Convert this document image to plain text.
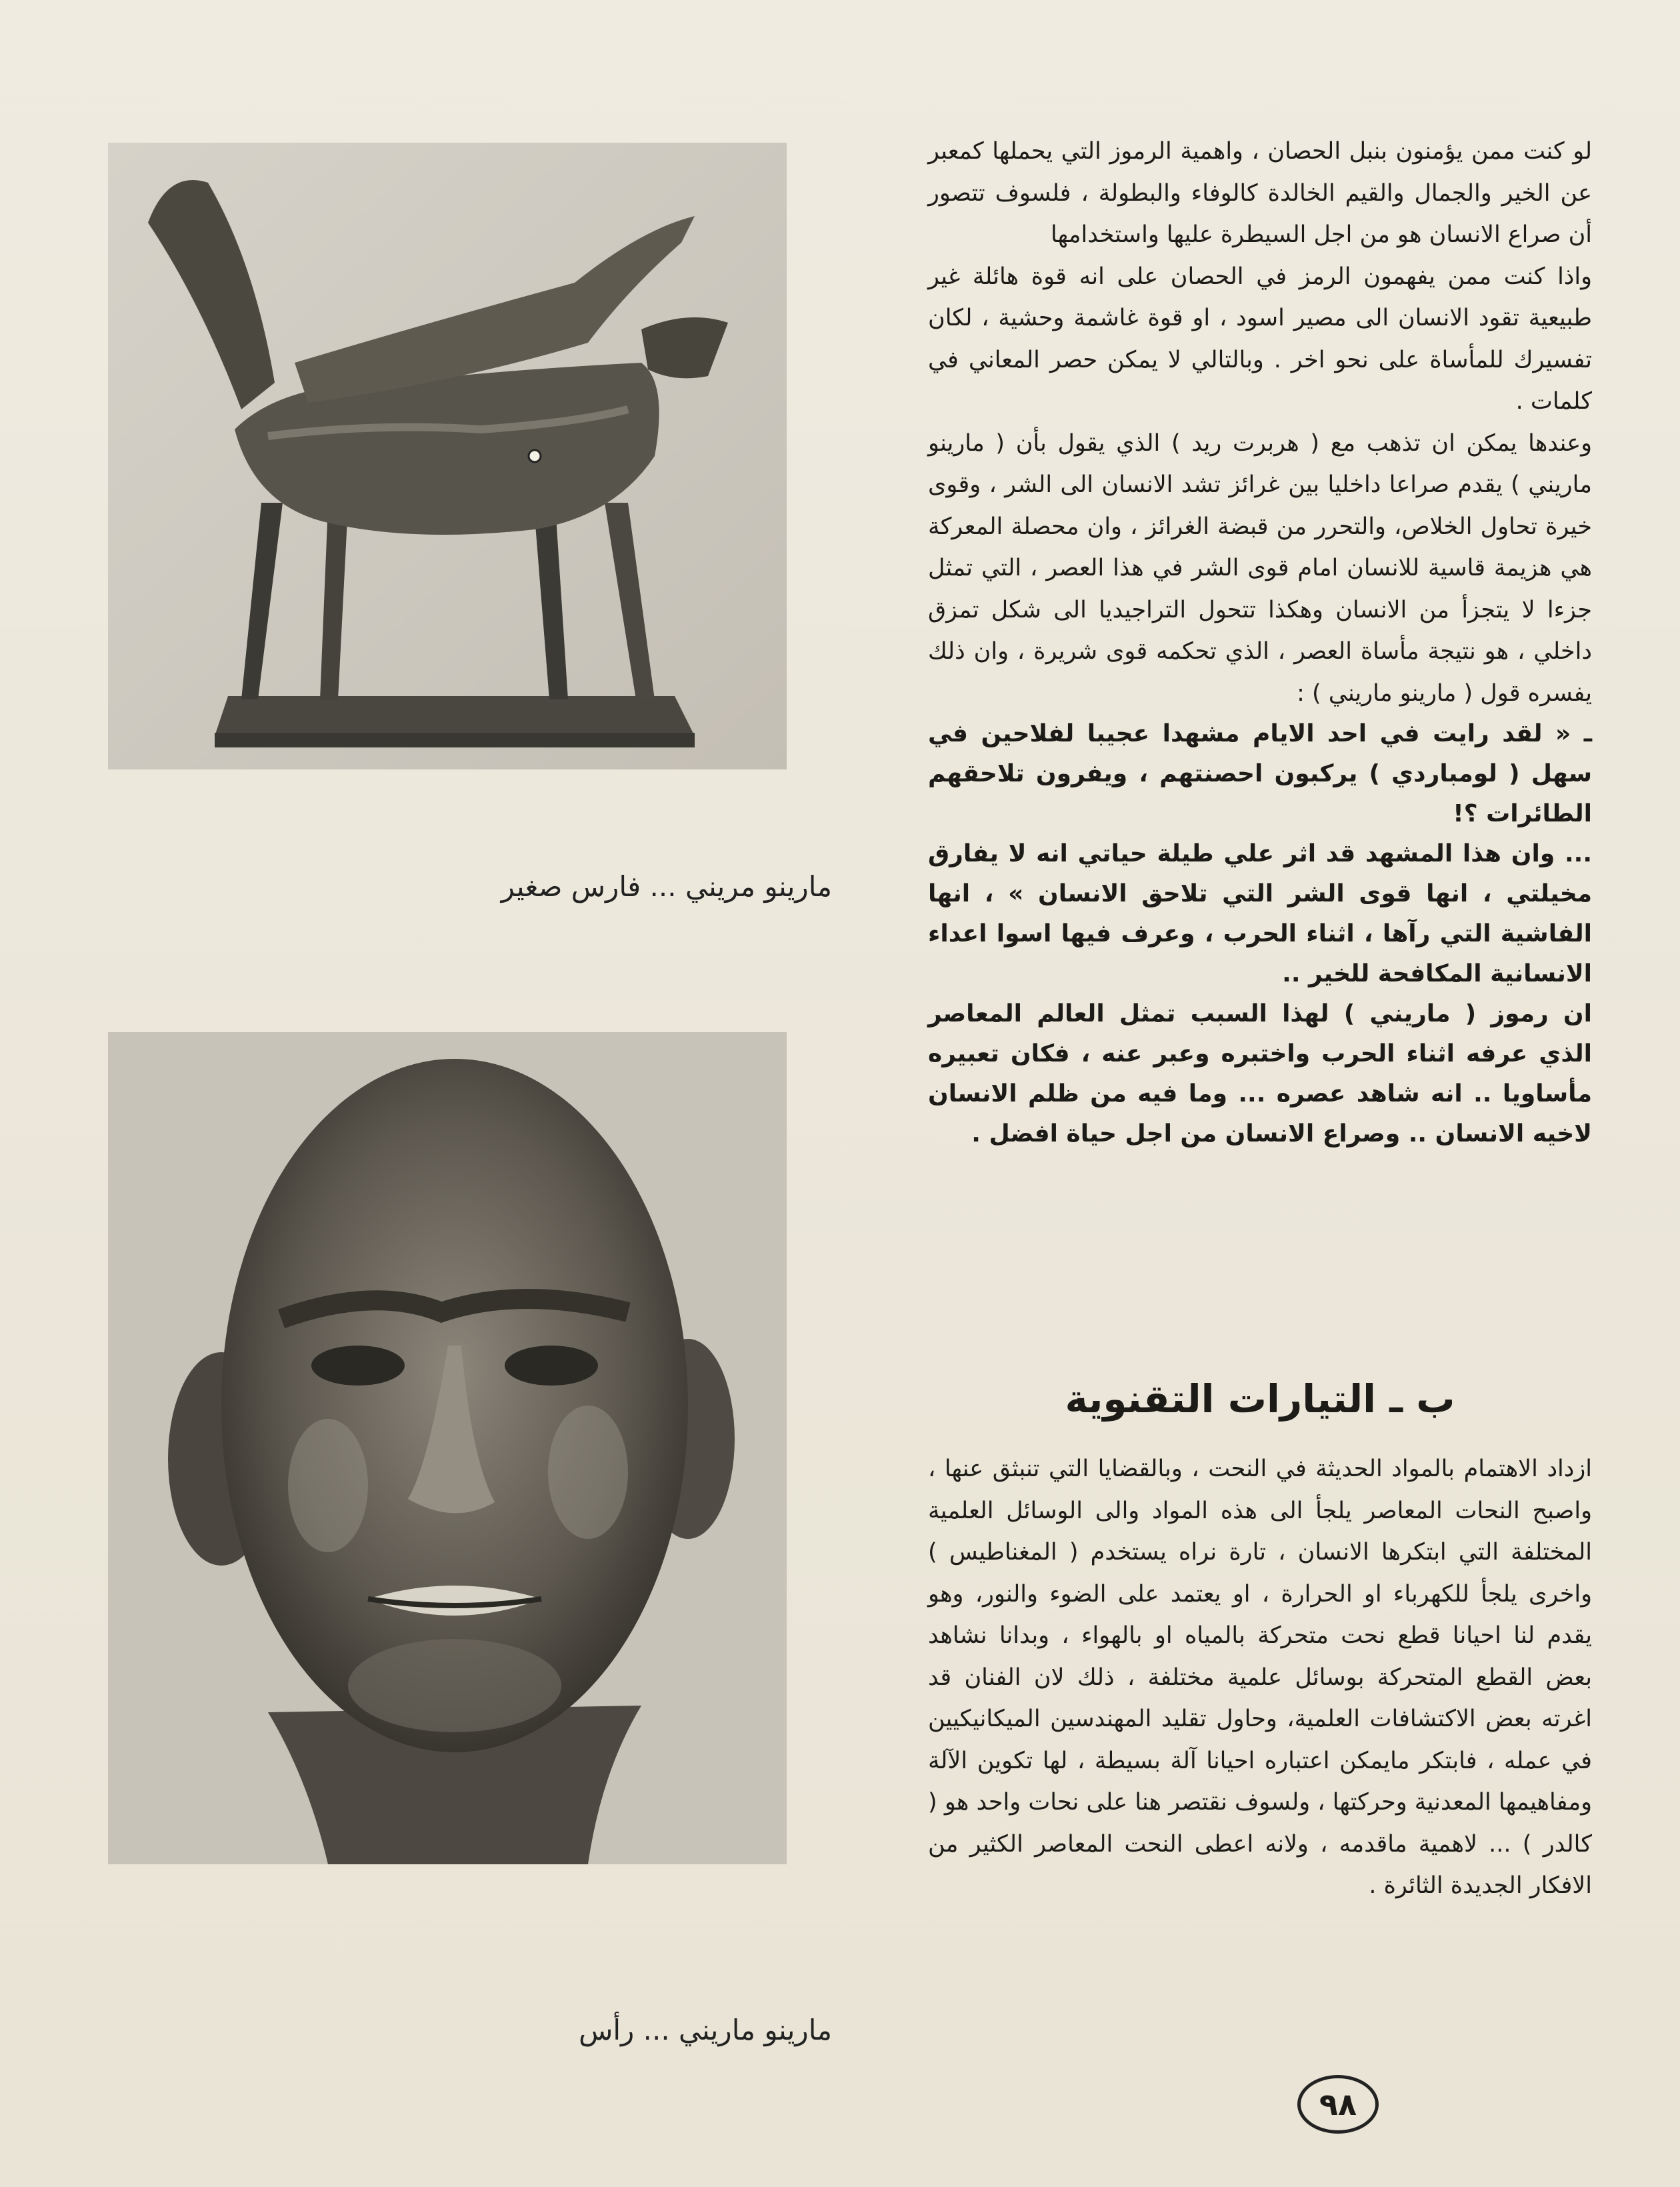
مارينو مريني ... فارس صغير
مارينو ماريني ... رأس

لو كنت ممن يؤمنون بنبل الحصان ، واهمية الرموز التي يحملها كمعبر عن الخير والجمال والقيم الخالدة كالوفاء والبطولة ، فلسوف تتصور أن صراع الانسان هو من اجل السيطرة عليها واستخدامها

واذا كنت ممن يفهمون الرمز في الحصان على انه قوة هائلة غير طبيعية تقود الانسان الى مصير اسود ، او قوة غاشمة وحشية ، لكان تفسيرك للمأساة على نحو اخر . وبالتالي لا يمكن حصر المعاني في كلمات .

وعندها يمكن ان تذهب مع ( هربرت ريد ) الذي يقول بأن ( مارينو ماريني ) يقدم صراعا داخليا بين غرائز تشد الانسان الى الشر ، وقوى خيرة تحاول الخلاص، والتحرر من قبضة الغرائز ، وان محصلة المعركة هي هزيمة قاسية للانسان امام قوى الشر في هذا العصر ، التي تمثل جزءا لا يتجزأ من الانسان وهكذا تتحول التراجيديا الى شكل تمزق داخلي ، هو نتيجة مأساة العصر ، الذي تحكمه قوى شريرة ، وان ذلك يفسره قول ( مارينو ماريني ) :

ـ « لقد رايت في احد الايام مشهدا عجيبا لفلاحين في سهل ( لومباردي ) يركبون احصنتهم ، ويفرون تلاحقهم الطائرات ؟!

... وان هذا المشهد قد اثر علي طيلة حياتي انه لا يفارق مخيلتي ، انها قوى الشر التي تلاحق الانسان » ، انها الفاشية التي رآها ، اثناء الحرب ، وعرف فيها اسوا اعداء الانسانية المكافحة للخير ..

ان رموز ( ماريني ) لهذا السبب تمثل العالم المعاصر الذي عرفه اثناء الحرب واختبره وعبر عنه ، فكان تعبيره مأساويا .. انه شاهد عصره ... وما فيه من ظلم الانسان لاخيه الانسان .. وصراع الانسان من اجل حياة افضل .

ب ـ التيارات التقنوية

ازداد الاهتمام بالمواد الحديثة في النحت ، وبالقضايا التي تنبثق عنها ، واصبح النحات المعاصر يلجأ الى هذه المواد والى الوسائل العلمية المختلفة التي ابتكرها الانسان ، تارة نراه يستخدم ( المغناطيس ) واخرى يلجأ للكهرباء او الحرارة ، او يعتمد على الضوء والنور، وهو يقدم لنا احيانا قطع نحت متحركة بالمياه او بالهواء ، وبدانا نشاهد بعض القطع المتحركة بوسائل علمية مختلفة ، ذلك لان الفنان قد اغرته بعض الاكتشافات العلمية، وحاول تقليد المهندسين الميكانيكيين في عمله ، فابتكر مايمكن اعتباره احيانا آلة بسيطة ، لها تكوين الآلة ومفاهيمها المعدنية وحركتها ، ولسوف نقتصر هنا على نحات واحد هو ( كالدر ) ... لاهمية ماقدمه ، ولانه اعطى النحت المعاصر الكثير من الافكار الجديدة الثائرة .

٩٨
